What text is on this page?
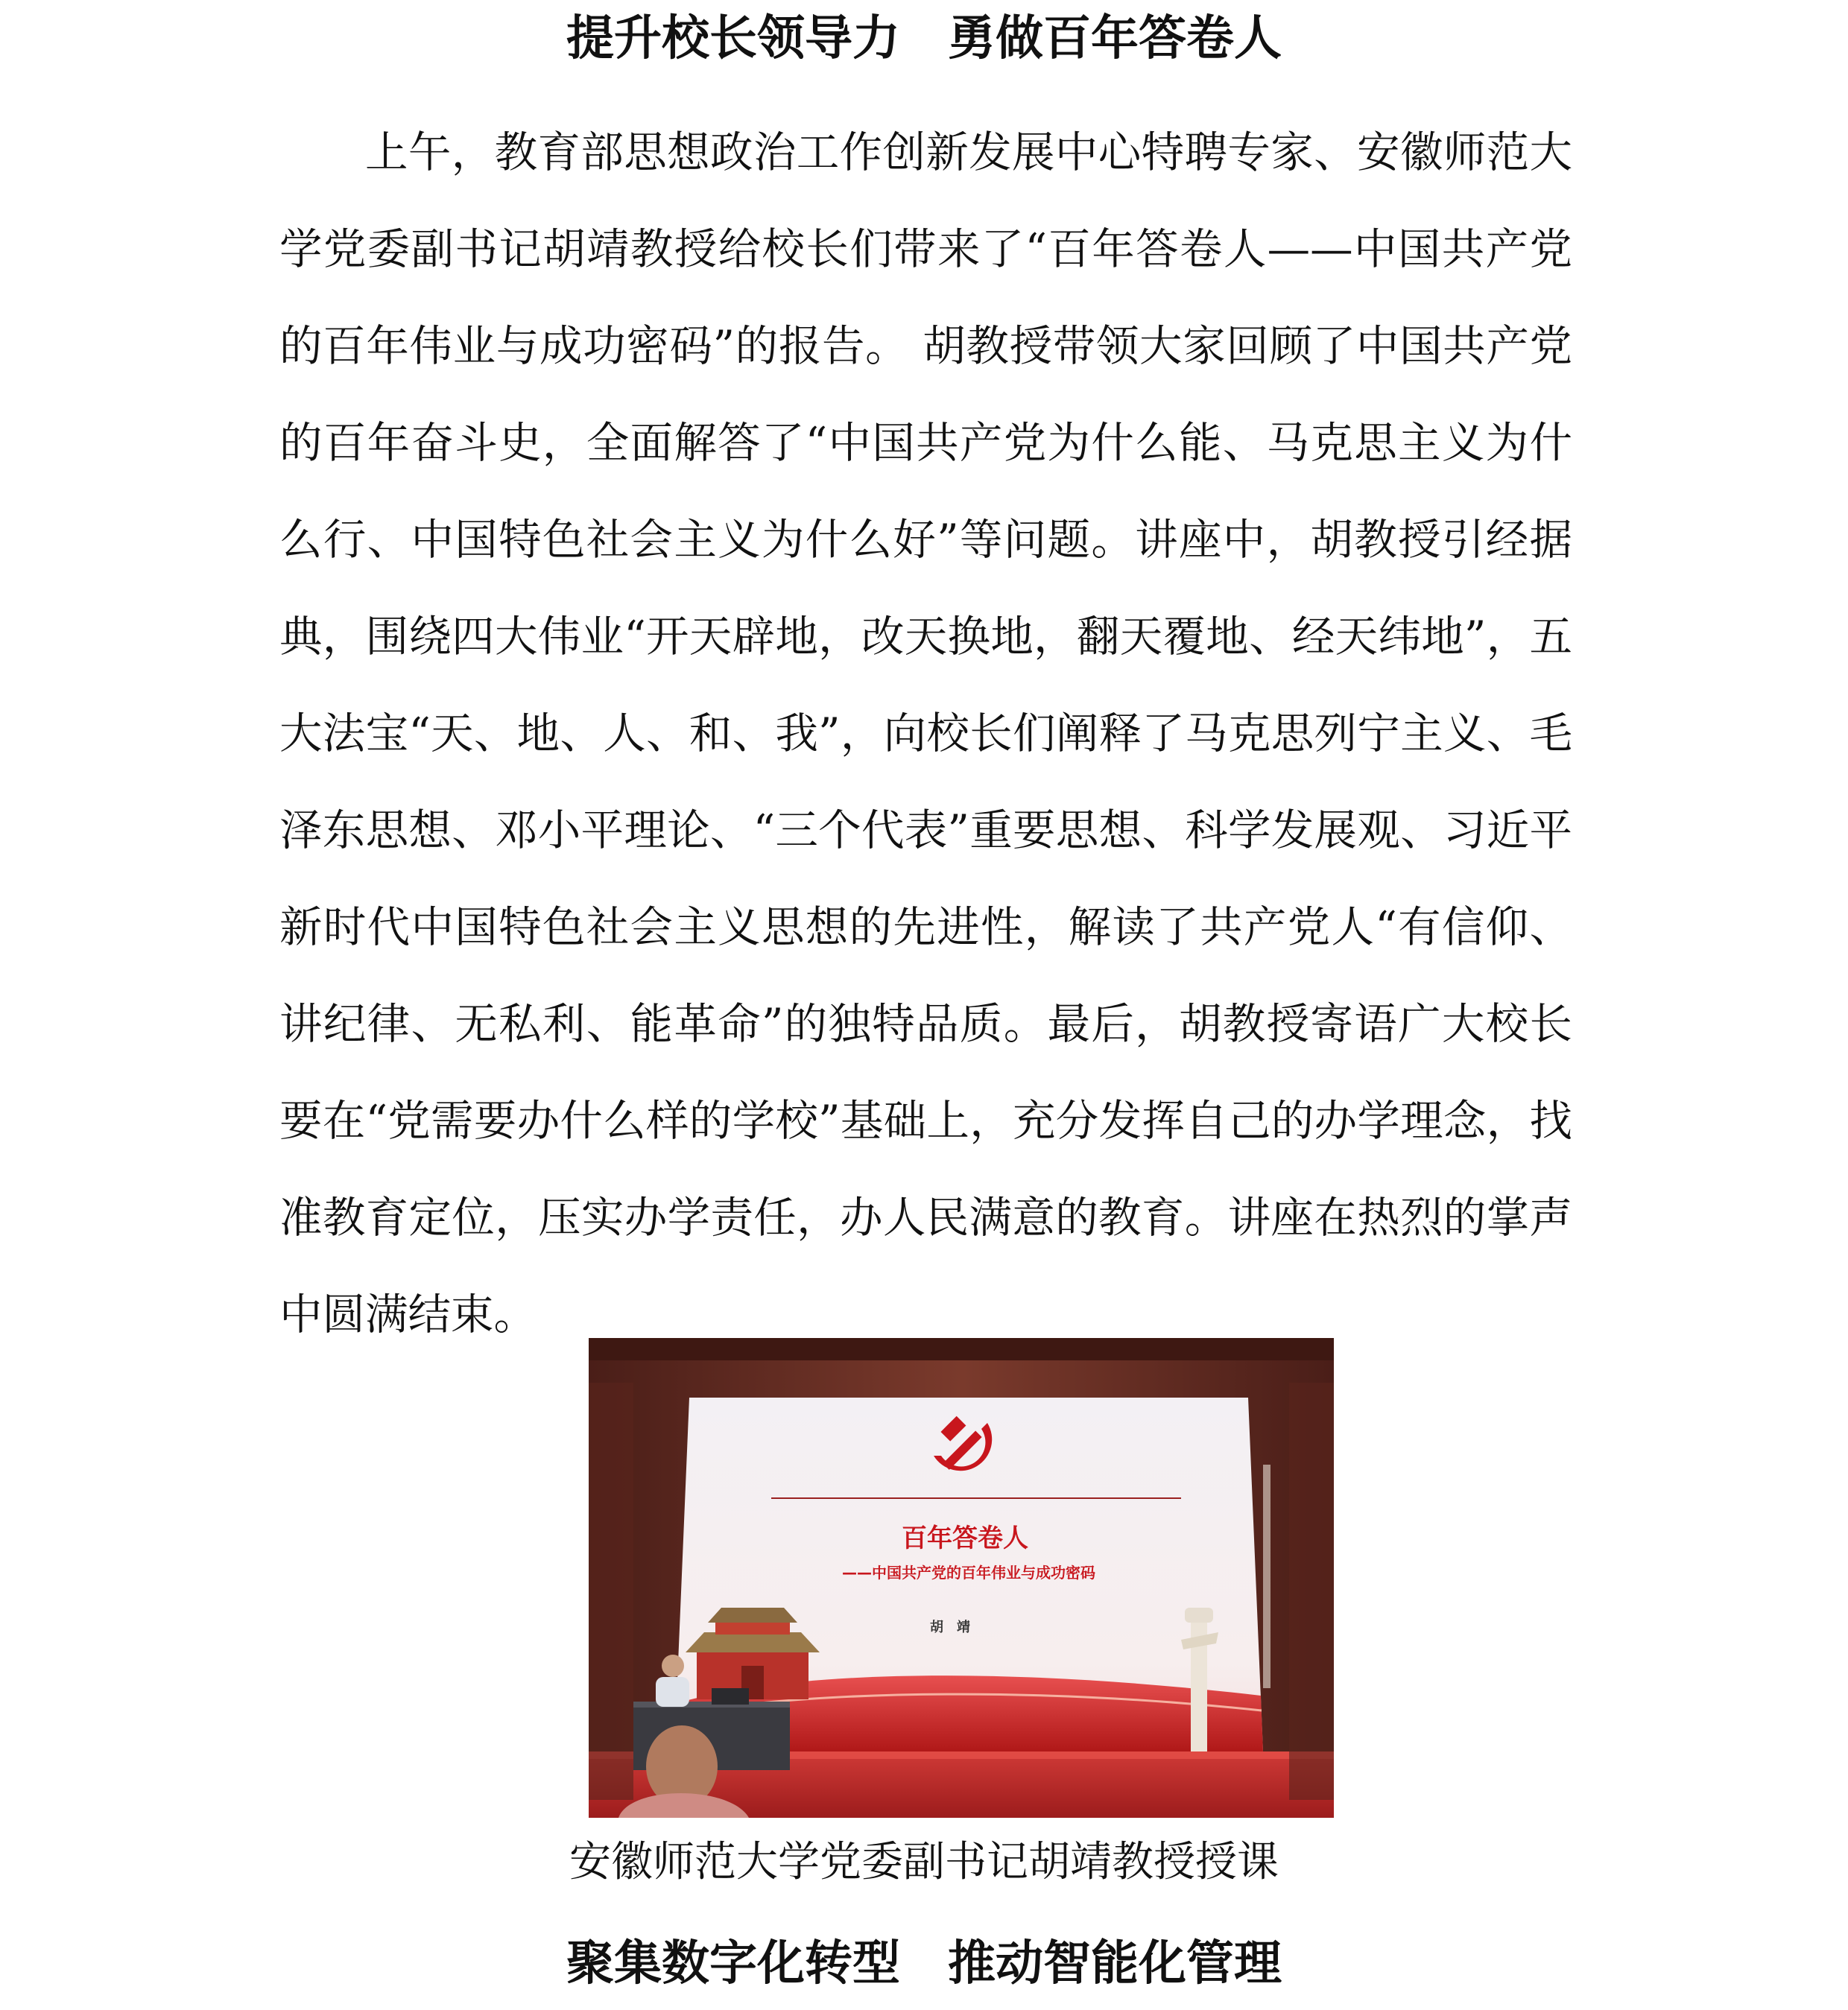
提升校长领导力　勇做百年答卷人

上午，教育部思想政治工作创新发展中心特聘专家、安徽师范大学党委副书记胡靖教授给校长们带来了“百年答卷人——中国共产党的百年伟业与成功密码”的报告。 胡教授带领大家回顾了中国共产党的百年奋斗史，全面解答了“中国共产党为什么能、马克思主义为什么行、中国特色社会主义为什么好”等问题。讲座中，胡教授引经据典，围绕四大伟业“开天辟地，改天换地，翻天覆地、经天纬地”，五大法宝“天、地、人、和、我”，向校长们阐释了马克思列宁主义、毛泽东思想、邓小平理论、“三个代表”重要思想、科学发展观、习近平新时代中国特色社会主义思想的先进性，解读了共产党人“有信仰、讲纪律、无私利、能革命”的独特品质。最后，胡教授寄语广大校长要在“党需要办什么样的学校”基础上，充分发挥自己的办学理念，找准教育定位，压实办学责任，办人民满意的教育。讲座在热烈的掌声中圆满结束。

百年答卷人
——中国共产党的百年伟业与成功密码
胡　靖
安徽师范大学党委副书记胡靖教授授课
聚集数字化转型　推动智能化管理
